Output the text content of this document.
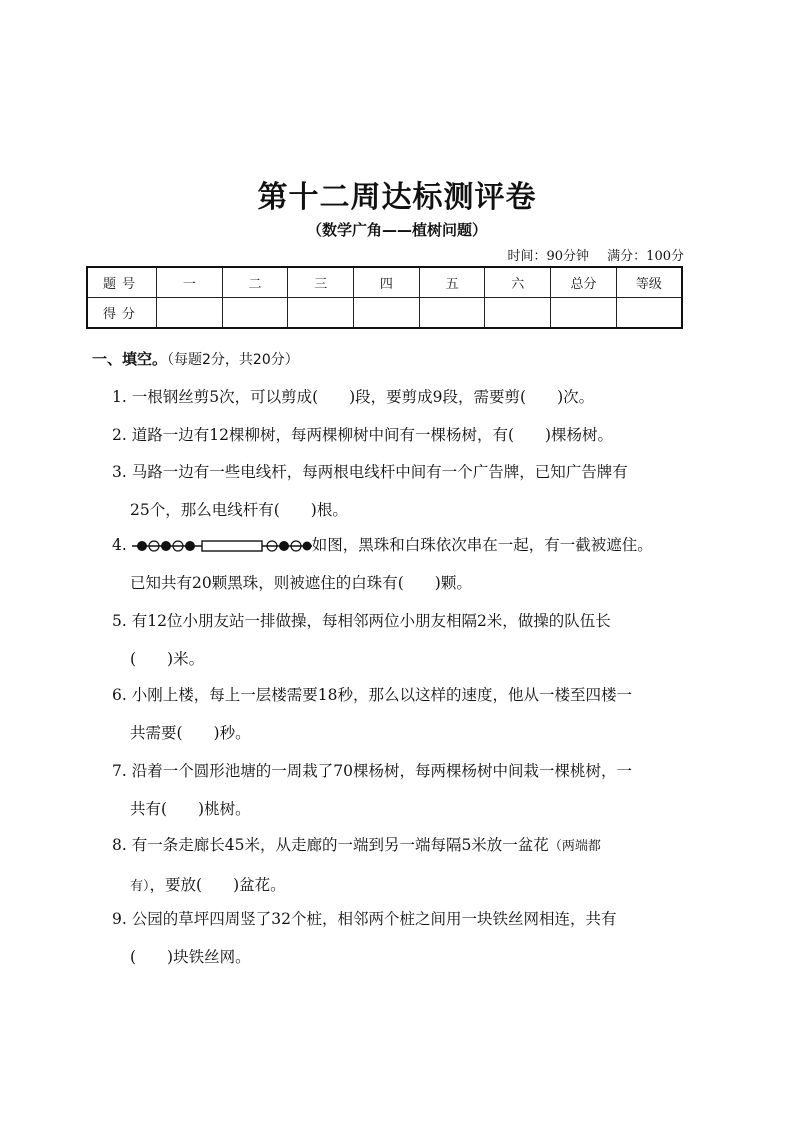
第十二周达标测评卷
（数学广角——植树问题）
时间：90分钟 满分：100分
题号	一	二	三	四	五	六	总分	等级
得分								
一、填空。（每题2分，共20分）
1. 一根钢丝剪5次，可以剪成(　　)段，要剪成9段，需要剪(　　)次。
2. 道路一边有12棵柳树，每两棵柳树中间有一棵杨树，有(　　)棵杨树。
3. 马路一边有一些电线杆，每两根电线杆中间有一个广告牌，已知广告牌有
25个，那么电线杆有(　　)根。
4.	如图，黑珠和白珠依次串在一起，有一截被遮住。
已知共有20颗黑珠，则被遮住的白珠有(　　)颗。
5. 有12位小朋友站一排做操，每相邻两位小朋友相隔2米，做操的队伍长
(　　)米。
6. 小刚上楼，每上一层楼需要18秒，那么以这样的速度，他从一楼至四楼一
共需要(　　)秒。
7. 沿着一个圆形池塘的一周栽了70棵杨树，每两棵杨树中间栽一棵桃树，一
共有(　　)桃树。
8. 有一条走廊长45米，从走廊的一端到另一端每隔5米放一盆花（两端都
有），要放(　　)盆花。
9. 公园的草坪四周竖了32个桩，相邻两个桩之间用一块铁丝网相连，共有
(　　)块铁丝网。
